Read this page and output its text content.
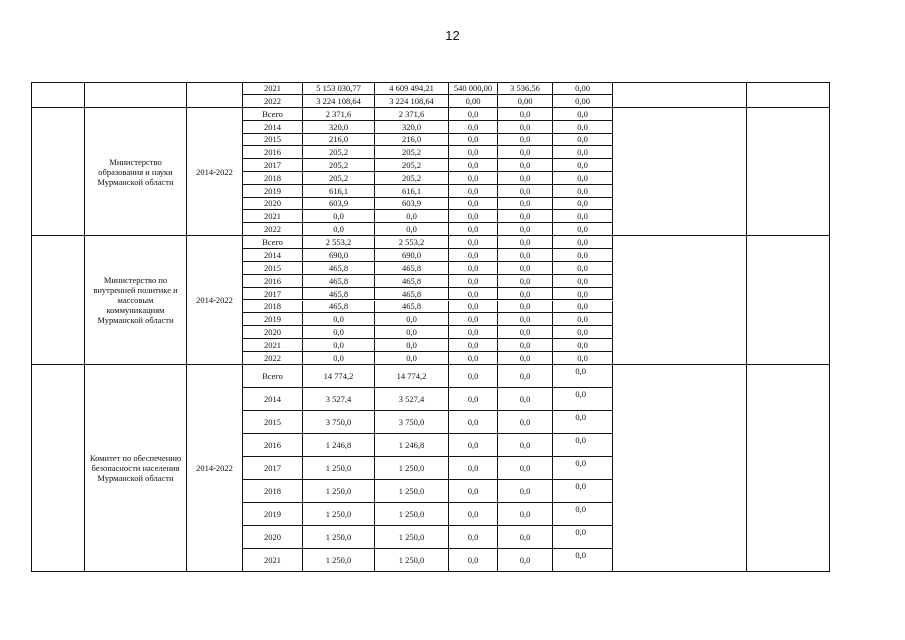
12
2021	5 153 030,77	4 609 494,21	540 000,00	3 536,56	0,00
2022	3 224 108,64	3 224 108,64	0,00	0,00	0,00
Министерство образования и науки Мурманской области
2014-2022
Всего	2 371,6	2 371,6	0,0	0,0	0,0
2014	320,0	320,0	0,0	0,0	0,0
2015	216,0	216,0	0,0	0,0	0,0
2016	205,2	205,2	0,0	0,0	0,0
2017	205,2	205,2	0,0	0,0	0,0
2018	205,2	205,2	0,0	0,0	0,0
2019	616,1	616,1	0,0	0,0	0,0
2020	603,9	603,9	0,0	0,0	0,0
2021	0,0	0,0	0,0	0,0	0,0
2022	0,0	0,0	0,0	0,0	0,0
Министерство по внутренней политике и массовым коммуникациям Мурманской области
2014-2022
Всего	2 553,2	2 553,2	0,0	0,0	0,0
2014	690,0	690,0	0,0	0,0	0,0
2015	465,8	465,8	0,0	0,0	0,0
2016	465,8	465,8	0,0	0,0	0,0
2017	465,8	465,8	0,0	0,0	0,0
2018	465,8	465,8	0,0	0,0	0,0
2019	0,0	0,0	0,0	0,0	0,0
2020	0,0	0,0	0,0	0,0	0,0
2021	0,0	0,0	0,0	0,0	0,0
2022	0,0	0,0	0,0	0,0	0,0
Комитет по обеспечению безопасности населения Мурманской области
2014-2022
Всего	14 774,2	14 774,2	0,0	0,0	0,0
2014	3 527,4	3 527,4	0,0	0,0	0,0
2015	3 750,0	3 750,0	0,0	0,0	0,0
2016	1 246,8	1 246,8	0,0	0,0	0,0
2017	1 250,0	1 250,0	0,0	0,0	0,0
2018	1 250,0	1 250,0	0,0	0,0	0,0
2019	1 250,0	1 250,0	0,0	0,0	0,0
2020	1 250,0	1 250,0	0,0	0,0	0,0
2021	1 250,0	1 250,0	0,0	0,0	0,0
